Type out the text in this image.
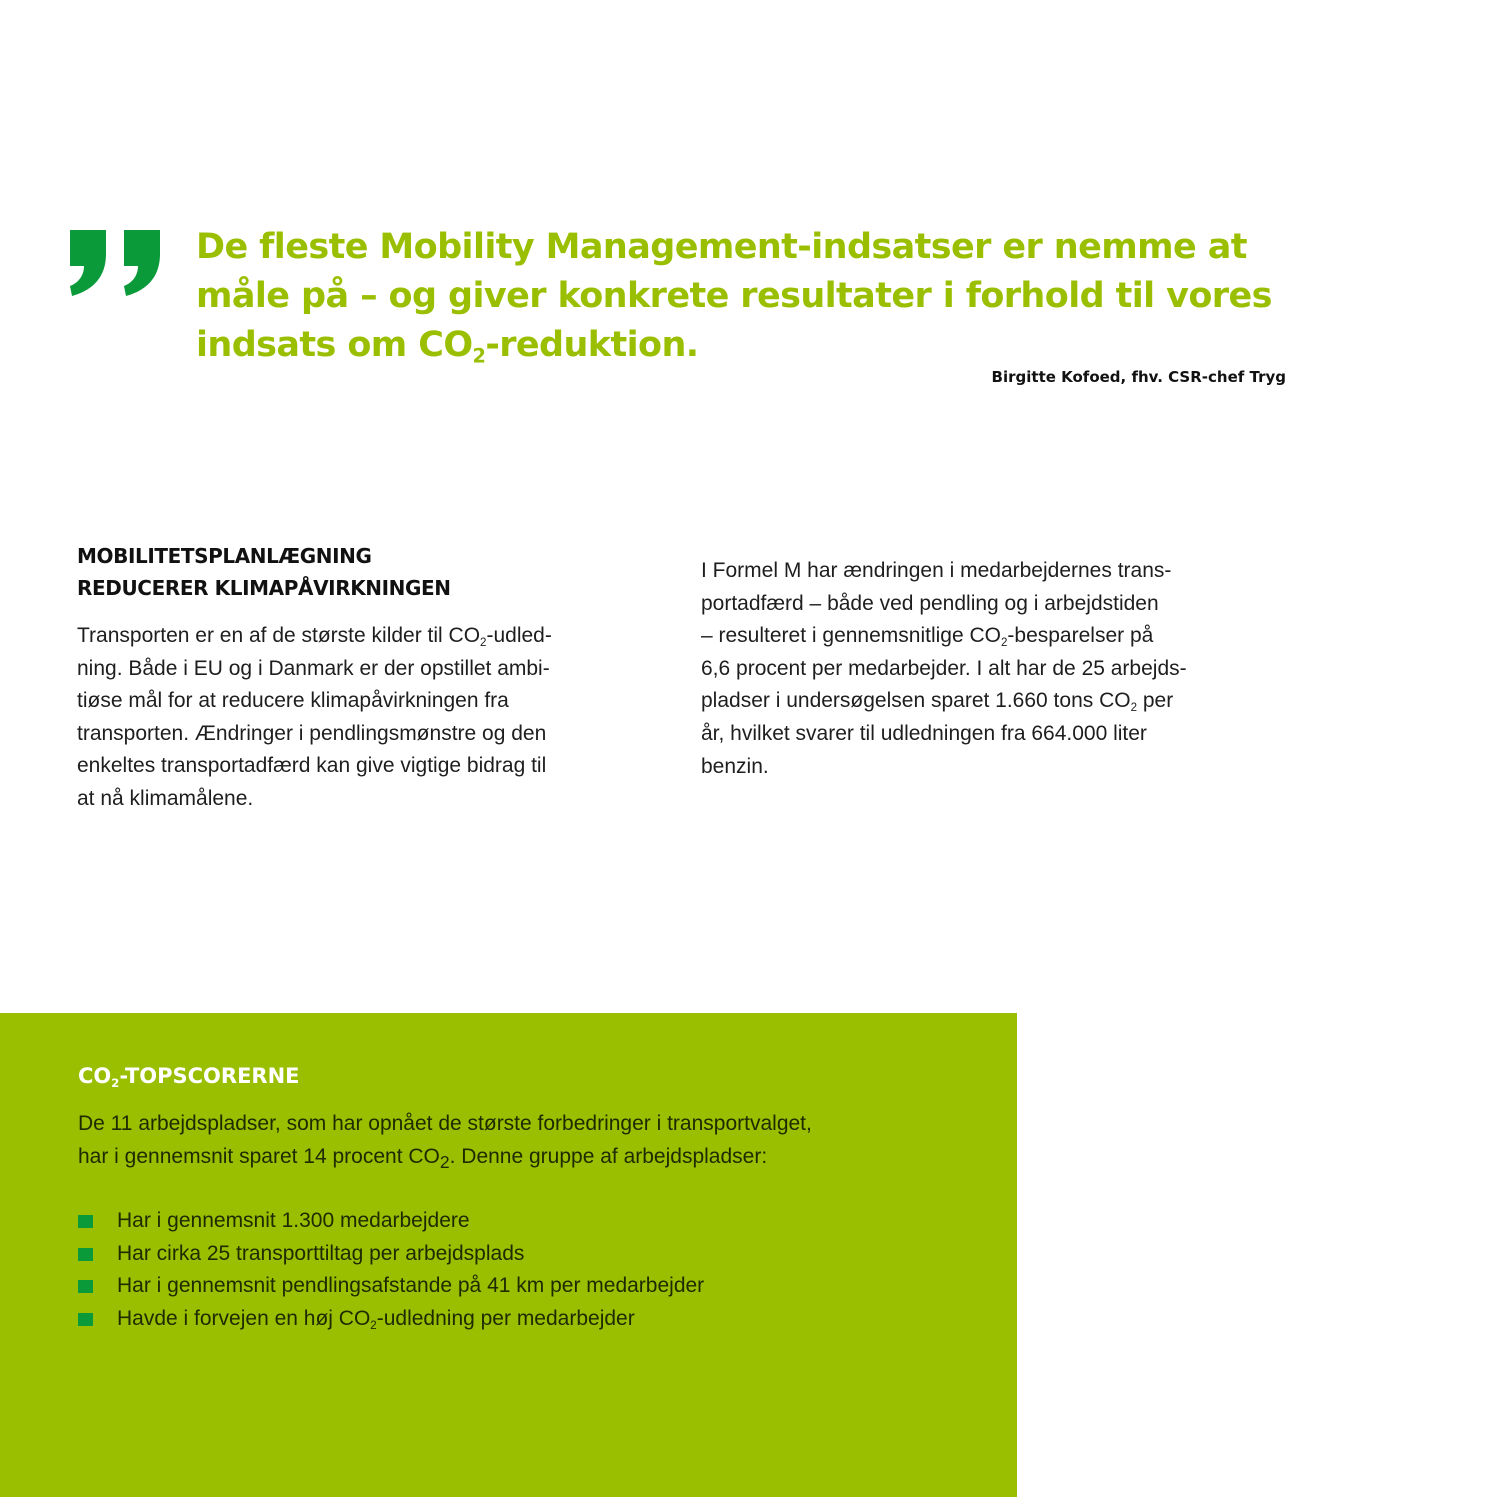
De fleste Mobility Management-indsatser er nemme at
måle på – og giver konkrete resultater i forhold til vores
indsats om $CO_2$-reduktion.
Birgitte Kofoed, fhv. CSR-chef Tryg
MOBILITETSPLANLÆGNING
REDUCERER KLIMAPÅVIRKNINGEN
Transporten er en af de største kilder til $CO_2-udled-$
ning. Både i EU og i Danmark er der opstillet ambi-
tiøse mål for at reducere klimapåvirkningen fra
transporten. Ændringer i pendlingsmønstre og den
enkeltes transportadfærd kan give vigtige bidrag til
at nå klimamålene.
I Formel M har ændringen i medarbejdernes trans-
portadfærd – både ved pendling og i arbejdstiden
– resulteret i gennemsnitlige $CO_2$-besparelser på
6,6 procent per medarbejder. I alt har de 25 arbejds-
pladser i undersøgelsen sparet 1.660 tons $CO_2$ per
år, hvilket svarer til udledningen fra 664.000 liter
benzin.
$CO_2$-TOPSCORERNE
De 11 arbejdspladser, som har opnået de største forbedringer i transportvalget,
har i gennemsnit sparet 14 procent $CO_2$. Denne gruppe af arbejdspladser:
Har i gennemsnit 1.300 medarbejdere
Har cirka 25 transporttiltag per arbejdsplads
Har i gennemsnit pendlingsafstande på 41 km per medarbejder
Havde i forvejen en høj $CO_2$-udledning per medarbejder
